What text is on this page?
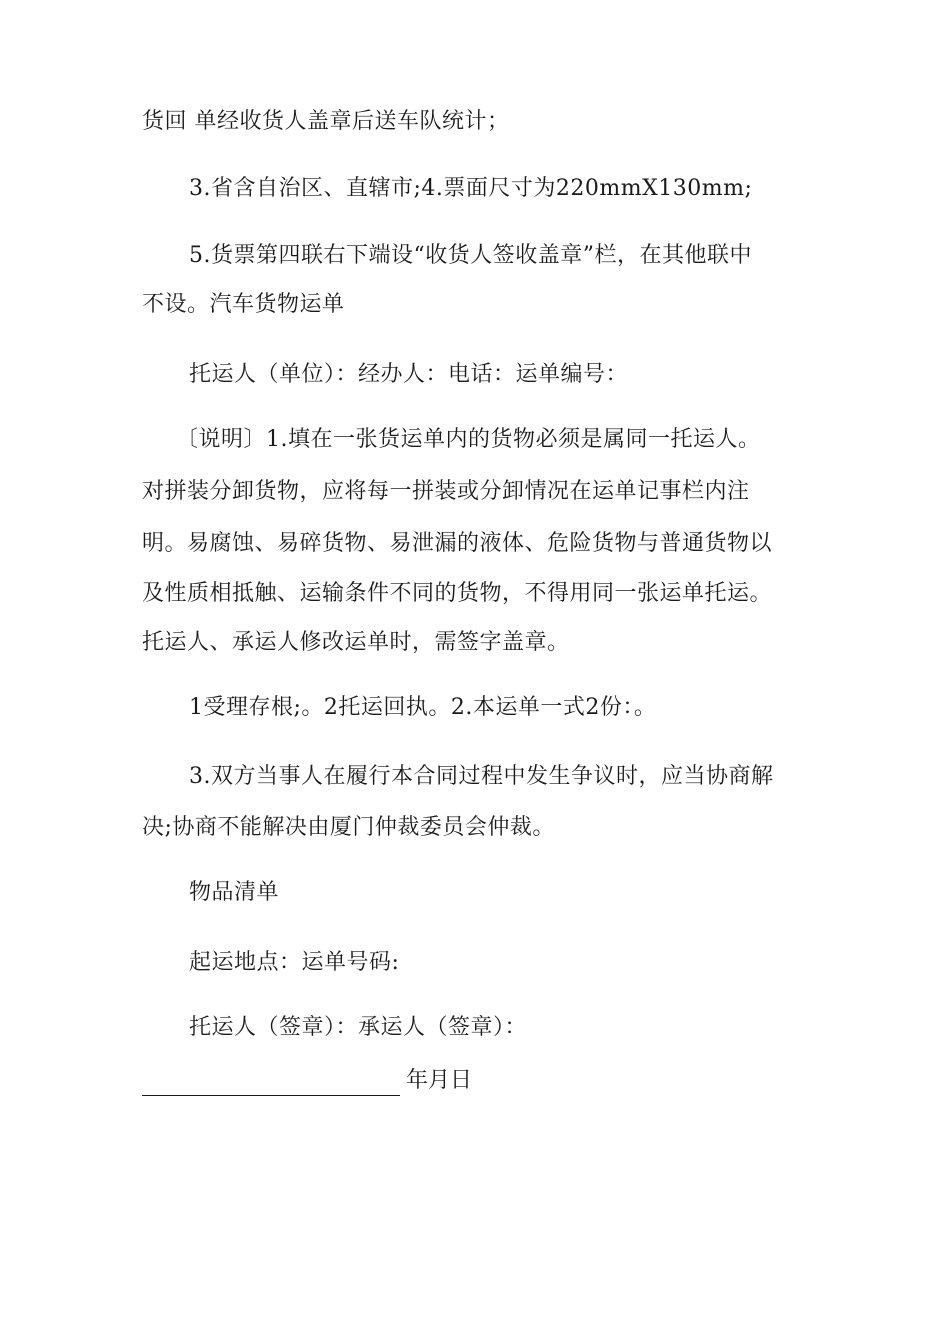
货回 单经收货人盖章后送车队统计；
3.省含自治区、直辖市;4.票面尺寸为220mmX130mm;
5.货票第四联右下端设“收货人签收盖章”栏，在其他联中
不设。汽车货物运单
托运人（单位）：经办人：电话：运单编号：
〔说明〕1.填在一张货运单内的货物必须是属同一托运人。
对拼装分卸货物，应将每一拼装或分卸情况在运单记事栏内注
明。易腐蚀、易碎货物、易泄漏的液体、危险货物与普通货物以
及性质相抵触、运输条件不同的货物，不得用同一张运单托运。
托运人、承运人修改运单时，需签字盖章。
1受理存根;。2托运回执。2.本运单一式2份：。
3.双方当事人在履行本合同过程中发生争议时，应当协商解
决;协商不能解决由厦门仲裁委员会仲裁。
物品清单
起运地点：运单号码:
托运人（签章）：承运人（签章）：
年月日
